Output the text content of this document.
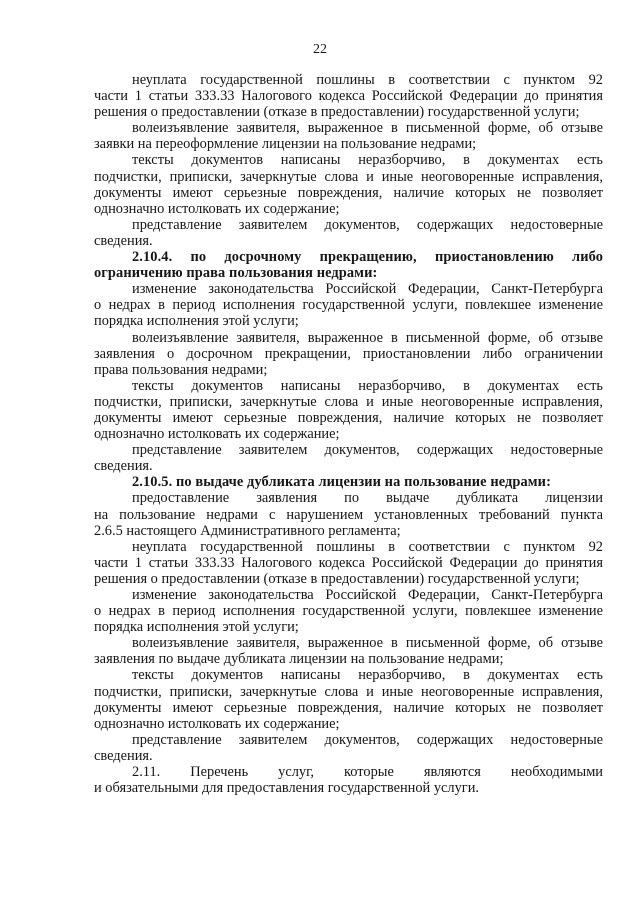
22
неуплата государственной пошлины в соответствии с пунктом 92
части 1 статьи 333.33 Налогового кодекса Российской Федерации до принятия
решения о предоставлении (отказе в предоставлении) государственной услуги;
волеизъявление заявителя, выраженное в письменной форме, об отзыве
заявки на переоформление лицензии на пользование недрами;
тексты документов написаны неразборчиво, в документах есть
подчистки, приписки, зачеркнутые слова и иные неоговоренные исправления,
документы имеют серьезные повреждения, наличие которых не позволяет
однозначно истолковать их содержание;
представление заявителем документов, содержащих недостоверные
сведения.
2.10.4. по досрочному прекращению, приостановлению либо
ограничению права пользования недрами:
изменение законодательства Российской Федерации, Санкт-Петербурга
о недрах в период исполнения государственной услуги, повлекшее изменение
порядка исполнения этой услуги;
волеизъявление заявителя, выраженное в письменной форме, об отзыве
заявления о досрочном прекращении, приостановлении либо ограничении
права пользования недрами;
тексты документов написаны неразборчиво, в документах есть
подчистки, приписки, зачеркнутые слова и иные неоговоренные исправления,
документы имеют серьезные повреждения, наличие которых не позволяет
однозначно истолковать их содержание;
представление заявителем документов, содержащих недостоверные
сведения.
2.10.5. по выдаче дубликата лицензии на пользование недрами:
предоставление заявления по выдаче дубликата лицензии
на пользование недрами с нарушением установленных требований пункта
2.6.5 настоящего Административного регламента;
неуплата государственной пошлины в соответствии с пунктом 92
части 1 статьи 333.33 Налогового кодекса Российской Федерации до принятия
решения о предоставлении (отказе в предоставлении) государственной услуги;
изменение законодательства Российской Федерации, Санкт-Петербурга
о недрах в период исполнения государственной услуги, повлекшее изменение
порядка исполнения этой услуги;
волеизъявление заявителя, выраженное в письменной форме, об отзыве
заявления по выдаче дубликата лицензии на пользование недрами;
тексты документов написаны неразборчиво, в документах есть
подчистки, приписки, зачеркнутые слова и иные неоговоренные исправления,
документы имеют серьезные повреждения, наличие которых не позволяет
однозначно истолковать их содержание;
представление заявителем документов, содержащих недостоверные
сведения.
2.11. Перечень услуг, которые являются необходимыми
и обязательными для предоставления государственной услуги.
